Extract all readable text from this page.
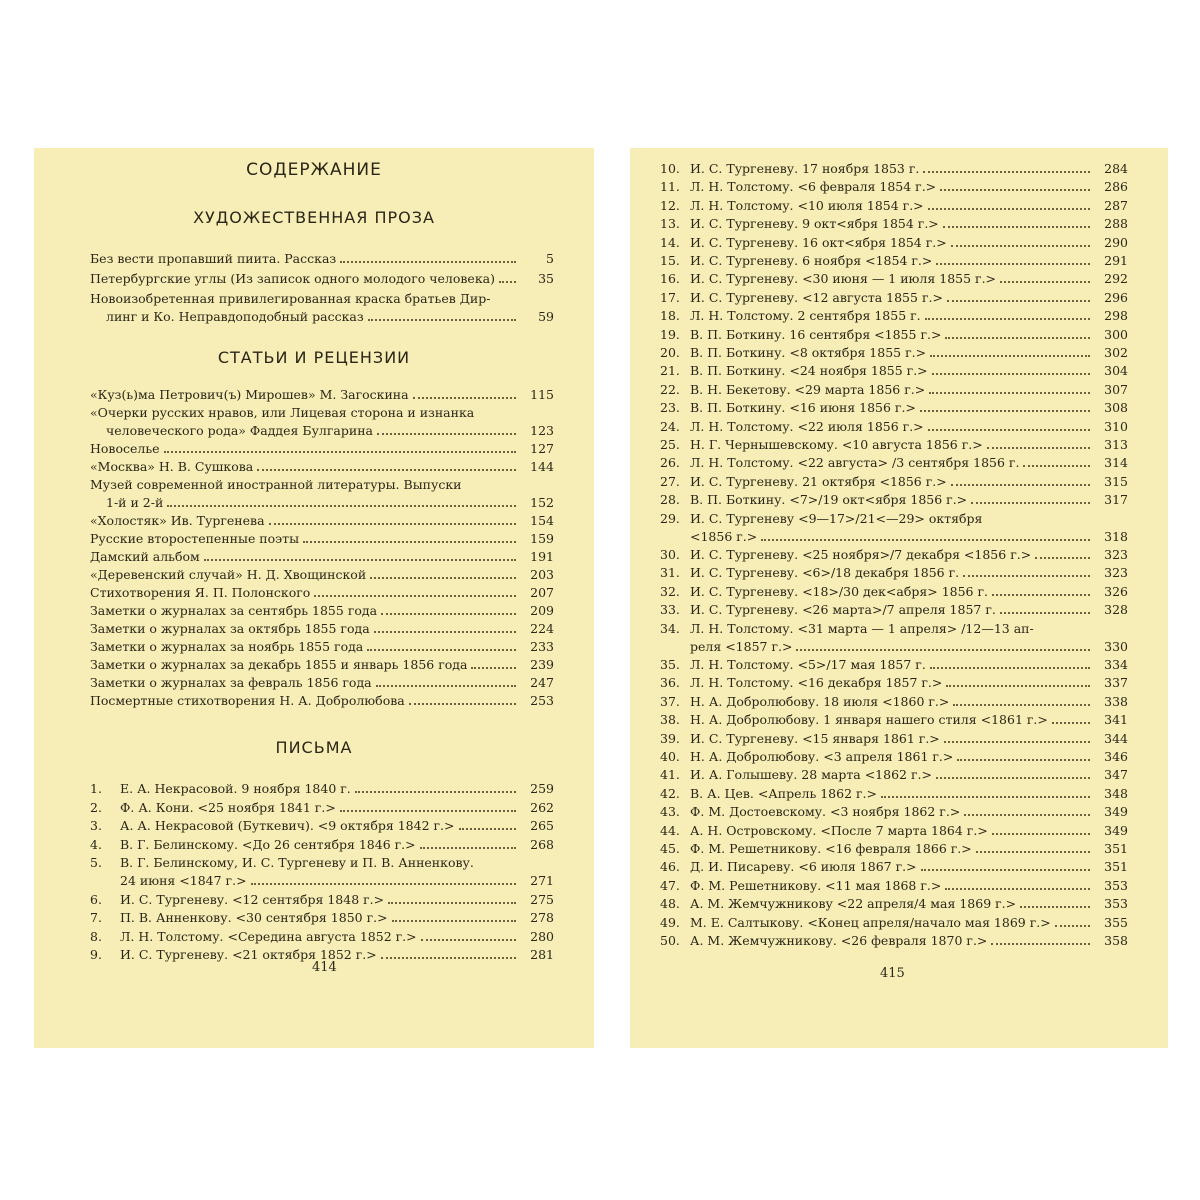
СОДЕРЖАНИЕ
ХУДОЖЕСТВЕННАЯ ПРОЗА
Без вести пропавший пиита. Рассказ	5
Петербургские углы (Из записок одного молодого человека)	35
Новоизобретенная привилегированная краска братьев Дир-
линг и Ко. Неправдоподобный рассказ	59
СТАТЬИ И РЕЦЕНЗИИ
«Куз(ь)ма Петрович(ъ) Мирошев» М. Загоскина	115
«Очерки русских нравов, или Лицевая сторона и изнанка
человеческого рода» Фаддея Булгарина	123
Новоселье	127
«Москва» Н. В. Сушкова	144
Музей современной иностранной литературы. Выпуски
1-й и 2-й	152
«Холостяк» Ив. Тургенева	154
Русские второстепенные поэты	159
Дамский альбом	191
«Деревенский случай» Н. Д. Хвощинской	203
Стихотворения Я. П. Полонского	207
Заметки о журналах за сентябрь 1855 года	209
Заметки о журналах за октябрь 1855 года	224
Заметки о журналах за ноябрь 1855 года	233
Заметки о журналах за декабрь 1855 и январь 1856 года	239
Заметки о журналах за февраль 1856 года	247
Посмертные стихотворения Н. А. Добролюбова	253
ПИСЬМА
1.	Е. А. Некрасовой. 9 ноября 1840 г.	259
2.	Ф. А. Кони. <25 ноября 1841 г.>	262
3.	А. А. Некрасовой (Буткевич). <9 октября 1842 г.>	265
4.	В. Г. Белинскому. <До 26 сентября 1846 г.>	268
5.	В. Г. Белинскому, И. С. Тургеневу и П. В. Анненкову.
24 июня <1847 г.>	271
6.	И. С. Тургеневу. <12 сентября 1848 г.>	275
7.	П. В. Анненкову. <30 сентября 1850 г.>	278
8.	Л. Н. Толстому. <Середина августа 1852 г.>	280
9.	И. С. Тургеневу. <21 октября 1852 г.>	281
414
10. И. С. Тургеневу. 17 ноября 1853 г.	284
11. Л. Н. Толстому. <6 февраля 1854 г.>	286
12. Л. Н. Толстому. <10 июля 1854 г.>	287
13. И. С. Тургеневу. 9 окт<ября 1854 г.>	288
14. И. С. Тургеневу. 16 окт<ября 1854 г.>	290
15. И. С. Тургеневу. 6 ноября <1854 г.>	291
16. И. С. Тургеневу. <30 июня — 1 июля 1855 г.>	292
17. И. С. Тургеневу. <12 августа 1855 г.>	296
18. Л. Н. Толстому. 2 сентября 1855 г.	298
19. В. П. Боткину. 16 сентября <1855 г.>	300
20. В. П. Боткину. <8 октября 1855 г.>	302
21. В. П. Боткину. <24 ноября 1855 г.>	304
22. В. Н. Бекетову. <29 марта 1856 г.>	307
23. В. П. Боткину. <16 июня 1856 г.>	308
24. Л. Н. Толстому. <22 июля 1856 г.>	310
25. Н. Г. Чернышевскому. <10 августа 1856 г.>	313
26. Л. Н. Толстому. <22 августа> /3 сентября 1856 г.	314
27. И. С. Тургеневу. 21 октября <1856 г.>	315
28. В. П. Боткину. <7>/19 окт<ября 1856 г.>	317
29. И. С. Тургеневу <9—17>/21<—29> октября
<1856 г.>	318
30. И. С. Тургеневу. <25 ноября>/7 декабря <1856 г.>	323
31. И. С. Тургеневу. <6>/18 декабря 1856 г.	323
32. И. С. Тургеневу. <18>/30 дек<абря> 1856 г.	326
33. И. С. Тургеневу. <26 марта>/7 апреля 1857 г.	328
34. Л. Н. Толстому. <31 марта — 1 апреля> /12—13 ап-
реля <1857 г.>	330
35. Л. Н. Толстому. <5>/17 мая 1857 г.	334
36. Л. Н. Толстому. <16 декабря 1857 г.>	337
37. Н. А. Добролюбову. 18 июля <1860 г.>	338
38. Н. А. Добролюбову. 1 января нашего стиля <1861 г.>	341
39. И. С. Тургеневу. <15 января 1861 г.>	344
40. Н. А. Добролюбову. <3 апреля 1861 г.>	346
41. И. А. Голышеву. 28 марта <1862 г.>	347
42. В. А. Цев. <Апрель 1862 г.>	348
43. Ф. М. Достоевскому. <3 ноября 1862 г.>	349
44. А. Н. Островскому. <После 7 марта 1864 г.>	349
45. Ф. М. Решетникову. <16 февраля 1866 г.>	351
46. Д. И. Писареву. <6 июля 1867 г.>	351
47. Ф. М. Решетникову. <11 мая 1868 г.>	353
48. А. М. Жемчужникову <22 апреля/4 мая 1869 г.>	353
49. М. Е. Салтыкову. <Конец апреля/начало мая 1869 г.>	355
50. А. М. Жемчужникову. <26 февраля 1870 г.>	358
415
